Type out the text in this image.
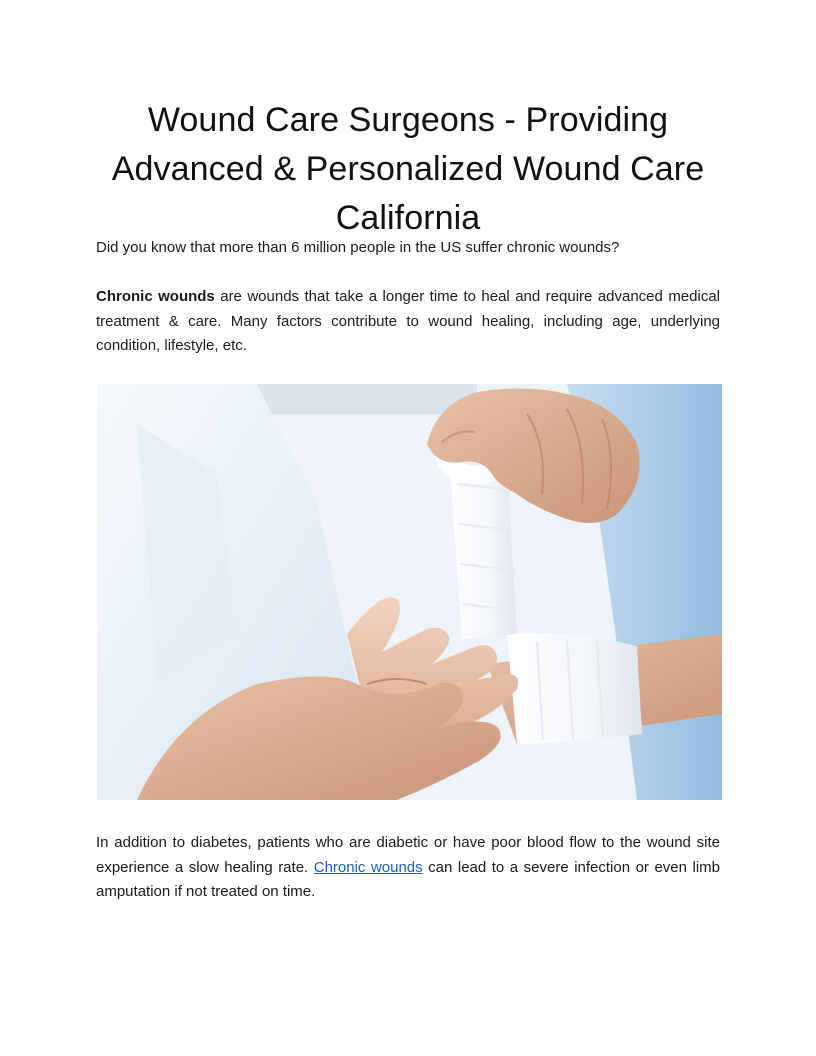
Wound Care Surgeons - Providing Advanced & Personalized Wound Care California

Did you know that more than 6 million people in the US suffer chronic wounds?

Chronic wounds are wounds that take a longer time to heal and require advanced medical treatment & care. Many factors contribute to wound healing, including age, underlying condition, lifestyle, etc.

In addition to diabetes, patients who are diabetic or have poor blood flow to the wound site experience a slow healing rate. Chronic wounds can lead to a severe infection or even limb amputation if not treated on time.
